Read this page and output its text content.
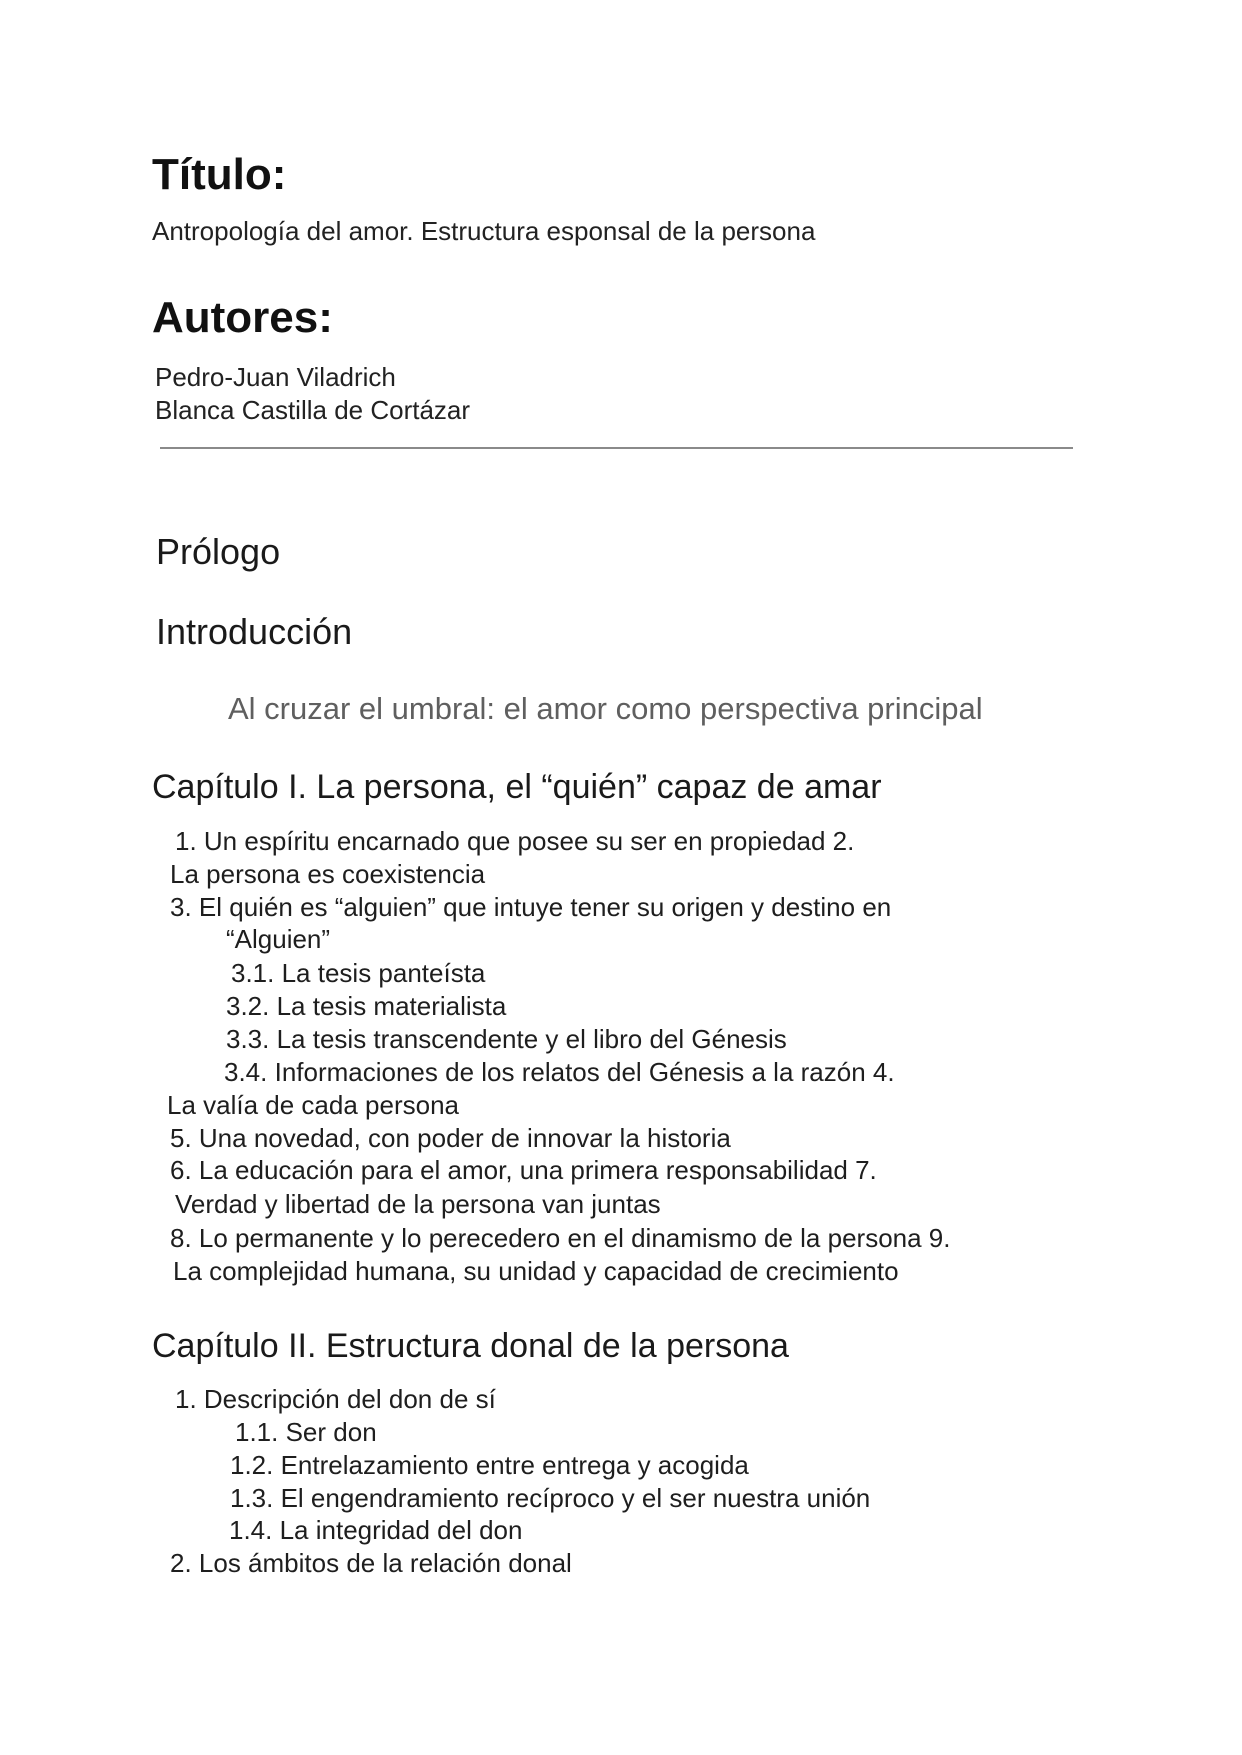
Título:
Antropología del amor. Estructura esponsal de la persona
Autores:
Pedro-Juan Viladrich
Blanca Castilla de Cortázar
Prólogo
Introducción
Al cruzar el umbral: el amor como perspectiva principal
Capítulo I. La persona, el “quién” capaz de amar
1. Un espíritu encarnado que posee su ser en propiedad 2.
La persona es coexistencia
3. El quién es “alguien” que intuye tener su origen y destino en
“Alguien”
3.1. La tesis panteísta
3.2. La tesis materialista
3.3. La tesis transcendente y el libro del Génesis
3.4. Informaciones de los relatos del Génesis a la razón 4.
La valía de cada persona
5. Una novedad, con poder de innovar la historia
6. La educación para el amor, una primera responsabilidad 7.
Verdad y libertad de la persona van juntas
8. Lo permanente y lo perecedero en el dinamismo de la persona 9.
La complejidad humana, su unidad y capacidad de crecimiento
Capítulo II. Estructura donal de la persona
1. Descripción del don de sí
1.1. Ser don
1.2. Entrelazamiento entre entrega y acogida
1.3. El engendramiento recíproco y el ser nuestra unión
1.4. La integridad del don
2. Los ámbitos de la relación donal
